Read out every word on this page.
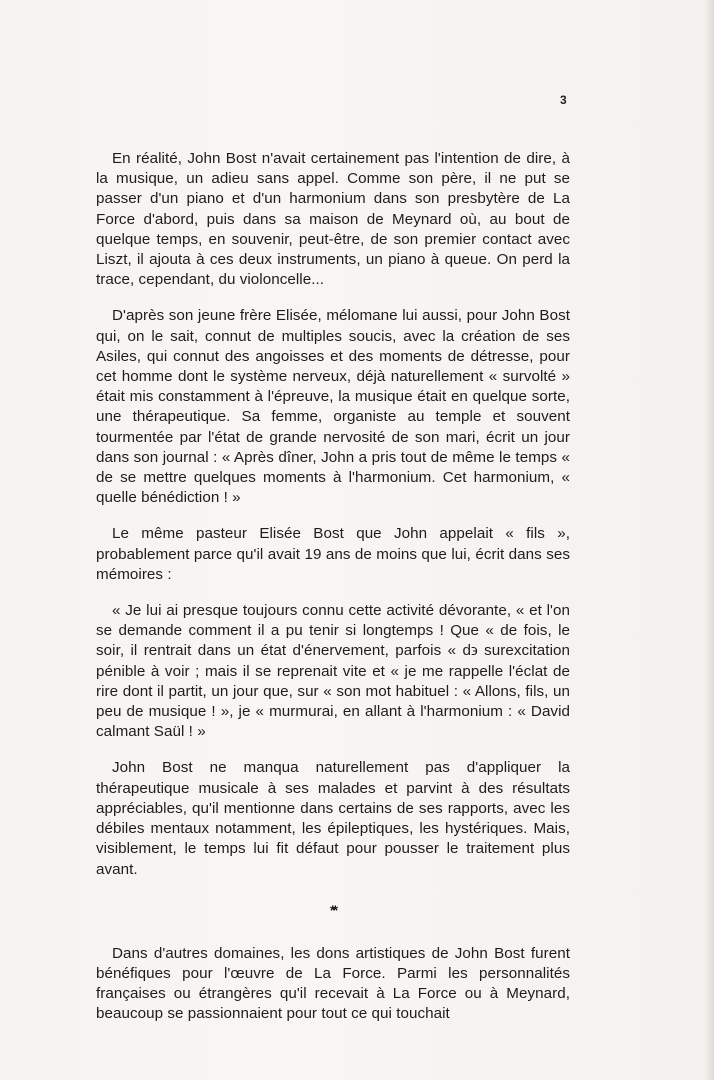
3

En réalité, John Bost n'avait certainement pas l'intention de dire, à la musique, un adieu sans appel. Comme son père, il ne put se passer d'un piano et d'un harmonium dans son presbytère de La Force d'abord, puis dans sa maison de Meynard où, au bout de quelque temps, en souvenir, peut-être, de son premier contact avec Liszt, il ajouta à ces deux instruments, un piano à queue. On perd la trace, cependant, du violoncelle...

D'après son jeune frère Elisée, mélomane lui aussi, pour John Bost qui, on le sait, connut de multiples soucis, avec la création de ses Asiles, qui connut des angoisses et des moments de détresse, pour cet homme dont le système nerveux, déjà naturellement « survolté » était mis constamment à l'épreuve, la musique était en quelque sorte, une thérapeutique. Sa femme, organiste au temple et souvent tourmentée par l'état de grande nervosité de son mari, écrit un jour dans son journal : « Après dîner, John a pris tout de même le temps « de se mettre quelques moments à l'harmonium. Cet harmonium, « quelle bénédiction ! »

Le même pasteur Elisée Bost que John appelait « fils », probablement parce qu'il avait 19 ans de moins que lui, écrit dans ses mémoires :

« Je lui ai presque toujours connu cette activité dévorante, « et l'on se demande comment il a pu tenir si longtemps ! Que « de fois, le soir, il rentrait dans un état d'énervement, parfois « d϶ surexcitation pénible à voir ; mais il se reprenait vite et « je me rappelle l'éclat de rire dont il partit, un jour que, sur « son mot habituel : « Allons, fils, un peu de musique ! », je « murmurai, en allant à l'harmonium : « David calmant Saül ! »

John Bost ne manqua naturellement pas d'appliquer la thérapeutique musicale à ses malades et parvint à des résultats appréciables, qu'il mentionne dans certains de ses rapports, avec les débiles mentaux notamment, les épileptiques, les hystériques. Mais, visiblement, le temps lui fit défaut pour pousser le traitement plus avant.

* *

Dans d'autres domaines, les dons artistiques de John Bost furent bénéfiques pour l'œuvre de La Force. Parmi les personnalités françaises ou étrangères qu'il recevait à La Force ou à Meynard, beaucoup se passionnaient pour tout ce qui touchait
